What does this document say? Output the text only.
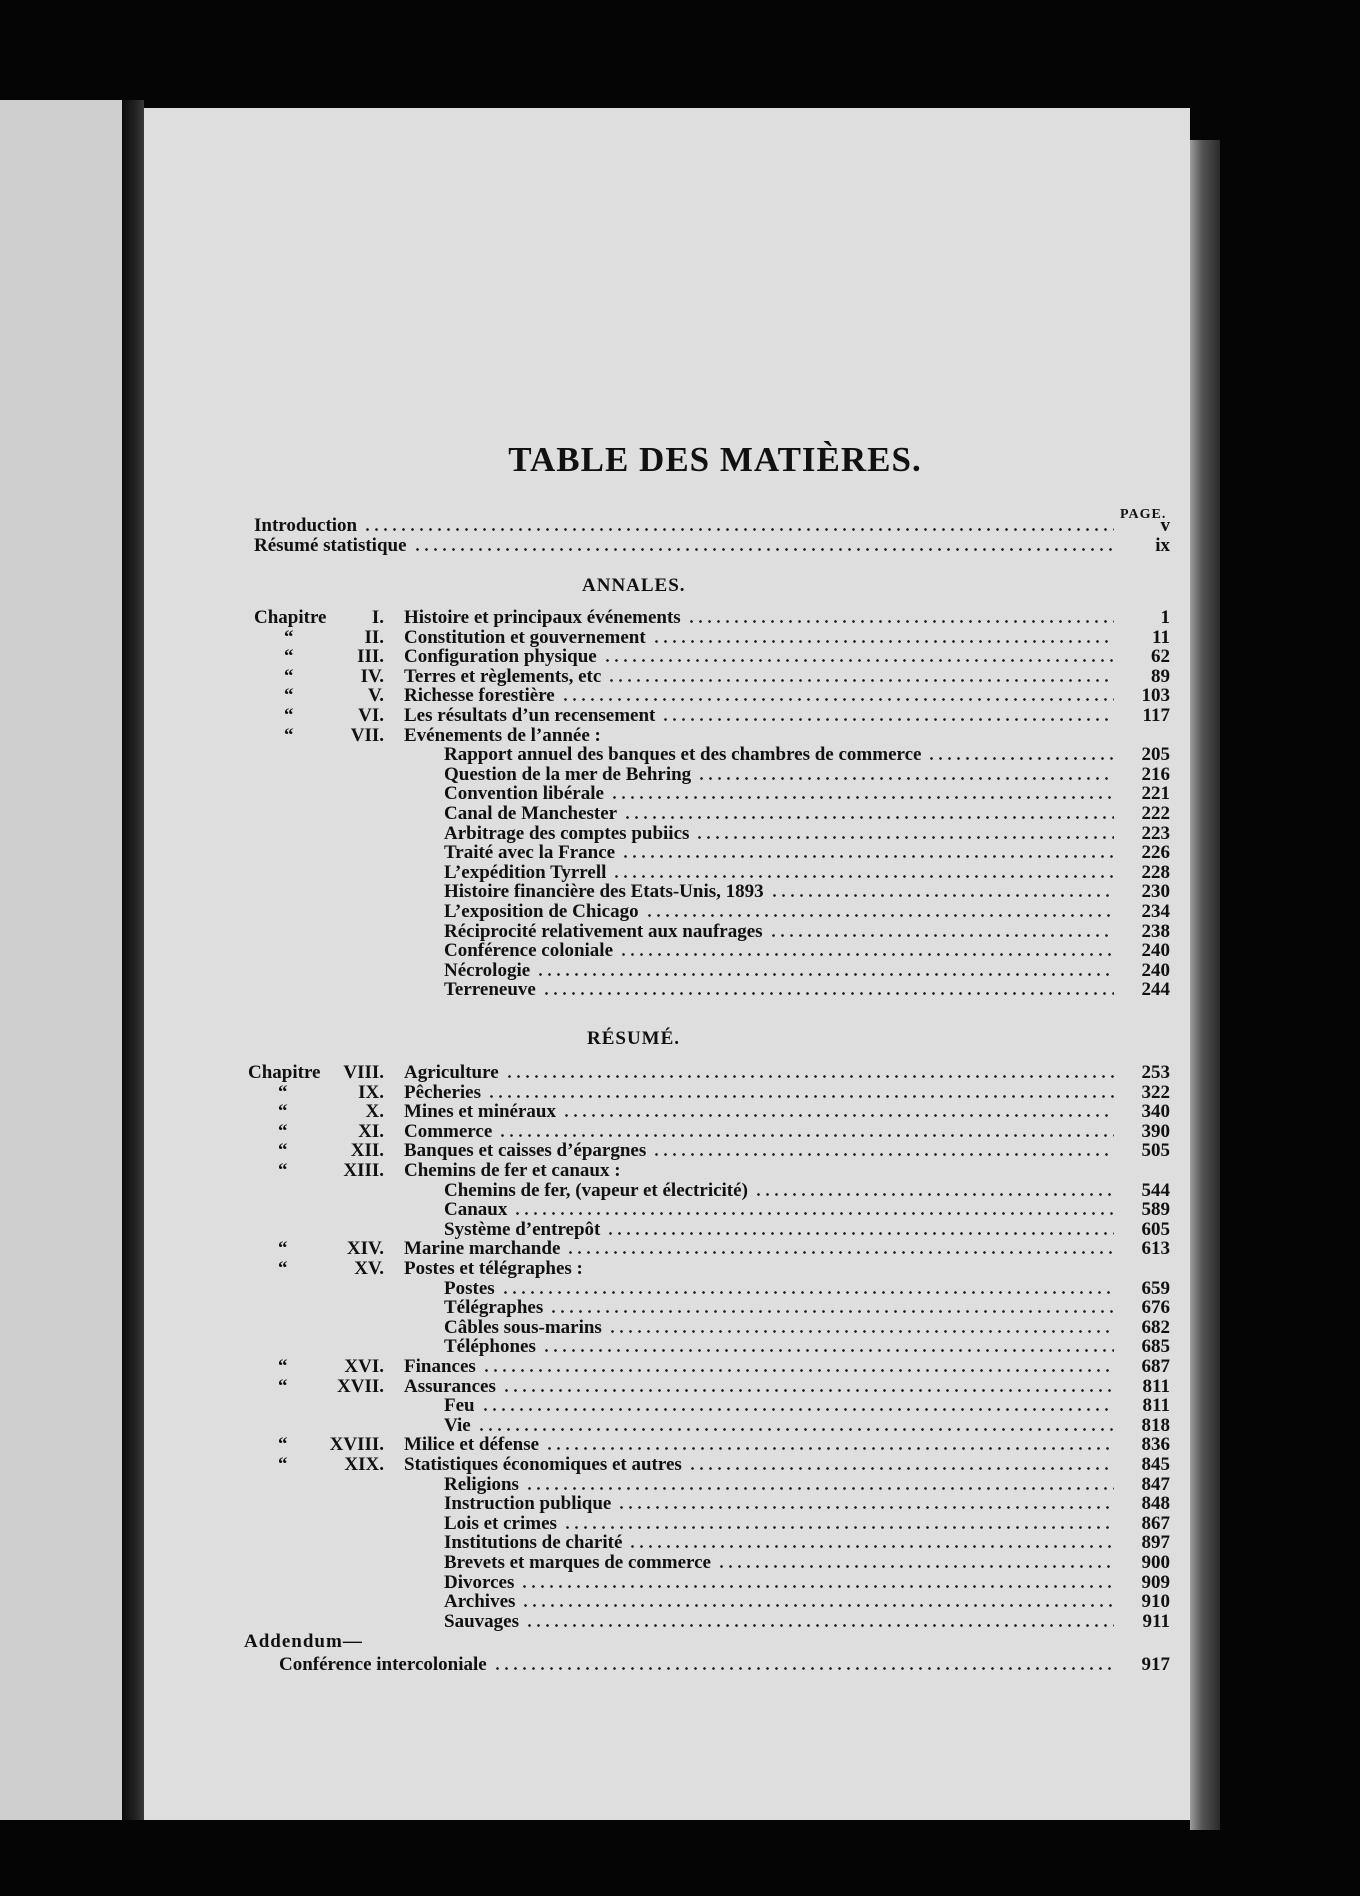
TABLE DES MATIÈRES.
PAGE.
Introduction	v
Résumé statistique	ix
ANNALES.
Chapitre	I. Histoire et principaux événements	1
“	II. Constitution et gouvernement	11
“	III. Configuration physique	62
“	IV. Terres et règlements, etc	89
“	V. Richesse forestière	103
“	VI. Les résultats d’un recensement	117
“	VII. Evénements de l’année :
Rapport annuel des banques et des chambres de commerce	205
Question de la mer de Behring	216
Convention libérale	221
Canal de Manchester	222
Arbitrage des comptes pubiics	223
Traité avec la France	226
L’expédition Tyrrell	228
Histoire financière des Etats-Unis, 1893	230
L’exposition de Chicago	234
Réciprocité relativement aux naufrages	238
Conférence coloniale	240
Nécrologie	240
Terreneuve	244
RÉSUMÉ.
Chapitre	VIII. Agriculture	253
“	IX. Pêcheries	322
“	X. Mines et minéraux	340
“	XI. Commerce	390
“	XII. Banques et caisses d’épargnes	505
“	XIII. Chemins de fer et canaux :
Chemins de fer, (vapeur et électricité)	544
Canaux	589
Système d’entrepôt	605
“	XIV. Marine marchande	613
“	XV. Postes et télégraphes :
Postes	659
Télégraphes	676
Câbles sous-marins	682
Téléphones	685
“	XVI. Finances	687
“	XVII. Assurances	811
Feu	811
Vie	818
“	XVIII. Milice et défense	836
“	XIX. Statistiques économiques et autres	845
Religions	847
Instruction publique	848
Lois et crimes	867
Institutions de charité	897
Brevets et marques de commerce	900
Divorces	909
Archives	910
Sauvages	911
Addendum—
Conférence intercoloniale	917
